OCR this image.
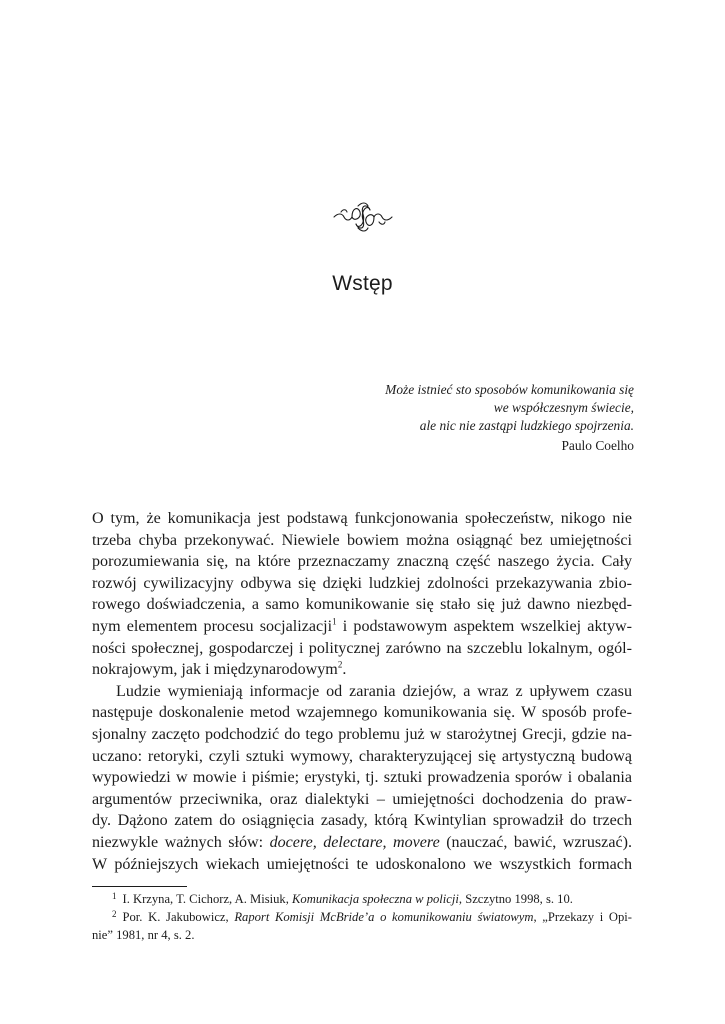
Wstęp
Może istnieć sto sposobów komunikowania się
we współczesnym świecie,
ale nic nie zastąpi ludzkiego spojrzenia.
Paulo Coelho
O tym, że komunikacja jest podstawą funkcjonowania społeczeństw, nikogo nie
trzeba chyba przekonywać. Niewiele bowiem można osiągnąć bez umiejętności
porozumiewania się, na które przeznaczamy znaczną część naszego życia. Cały
rozwój cywilizacyjny odbywa się dzięki ludzkiej zdolności przekazywania zbio-
rowego doświadczenia, a samo komunikowanie się stało się już dawno niezbęd-
nym elementem procesu socjalizacji$^1$ i podstawowym aspektem wszelkiej aktyw-
ności społecznej, gospodarczej i politycznej zarówno na szczeblu lokalnym, ogól-
nokrajowym, jak i międzynarodowym$^2$.
Ludzie wymieniają informacje od zarania dziejów, a wraz z upływem czasu
następuje doskonalenie metod wzajemnego komunikowania się. W sposób profe-
sjonalny zaczęto podchodzić do tego problemu już w starożytnej Grecji, gdzie na-
uczano: retoryki, czyli sztuki wymowy, charakteryzującej się artystyczną budową
wypowiedzi w mowie i piśmie; erystyki, tj. sztuki prowadzenia sporów i obalania
argumentów przeciwnika, oraz dialektyki – umiejętności dochodzenia do praw-
dy. Dążono zatem do osiągnięcia zasady, którą Kwintylian sprowadził do trzech
niezwykle ważnych słów: docere, delectare, movere (nauczać, bawić, wzruszać).
W późniejszych wiekach umiejętności te udoskonalono we wszystkich formach
1 I. Krzyna, T. Cichorz, A. Misiuk, Komunikacja społeczna w policji, Szczytno 1998, s. 10.
2 Por. K. Jakubowicz, Raport Komisji McBride’a o komunikowaniu światowym, „Przekazy i Opi-
nie” 1981, nr 4, s. 2.
